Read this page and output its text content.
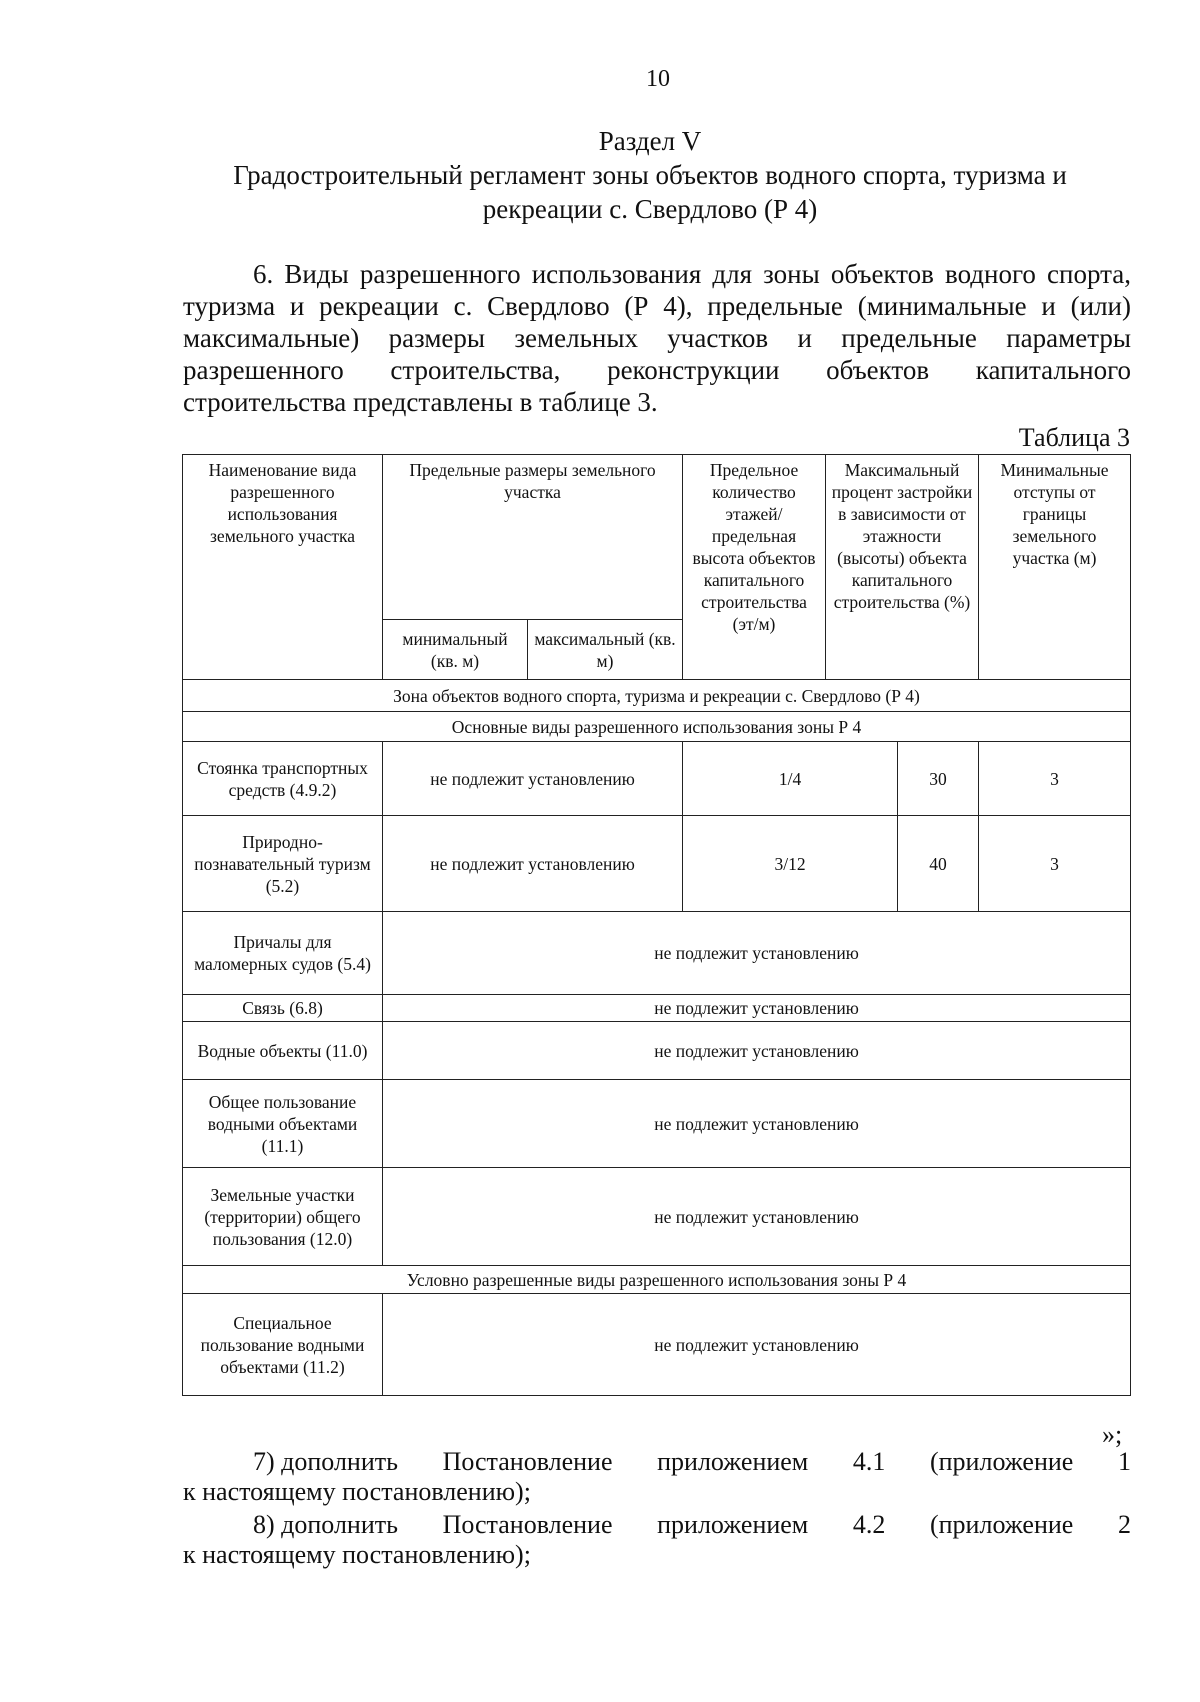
10
Раздел V
Градостроительный регламент зоны объектов водного спорта, туризма и
рекреации с. Свердлово (Р 4)
6. Виды разрешенного использования для зоны объектов водного спорта, туризма и рекреации с. Свердлово (Р 4), предельные (минимальные и (или) максимальные) размеры земельных участков и предельные параметры разрешенного строительства, реконструкции объектов капитального строительства представлены в таблице 3.
Таблица 3
Наименование вида разрешенного использования земельного участка	Предельные размеры земельного участка		Предельное количество этажей/ предельная высота объектов капитального строительства (эт/м)	Максимальный процент застройки в зависимости от этажности (высоты) объекта капитального строительства (%)		Минимальные отступы от границы земельного участка (м)
	минимальный (кв. м)	максимальный (кв. м)				
Зона объектов водного спорта, туризма и рекреации с. Свердлово (Р 4)						
Основные виды разрешенного использования зоны Р 4						
Стоянка транспортных средств (4.9.2)	не подлежит установлению		1/4		30	3
Природно-познавательный туризм (5.2)	не подлежит установлению		3/12		40	3
Причалы для маломерных судов (5.4)	не подлежит установлению					
Связь (6.8)	не подлежит установлению					
Водные объекты (11.0)	не подлежит установлению					
Общее пользование водными объектами (11.1)	не подлежит установлению					
Земельные участки (территории) общего пользования (12.0)	не подлежит установлению					
Условно разрешенные виды разрешенного использования зоны Р 4						
Специальное пользование водными объектами (11.2)	не подлежит установлению					
»;
7) дополнить Постановление приложением 4.1 (приложение 1
к настоящему постановлению);
8) дополнить Постановление приложением 4.2 (приложение 2
к настоящему постановлению);
